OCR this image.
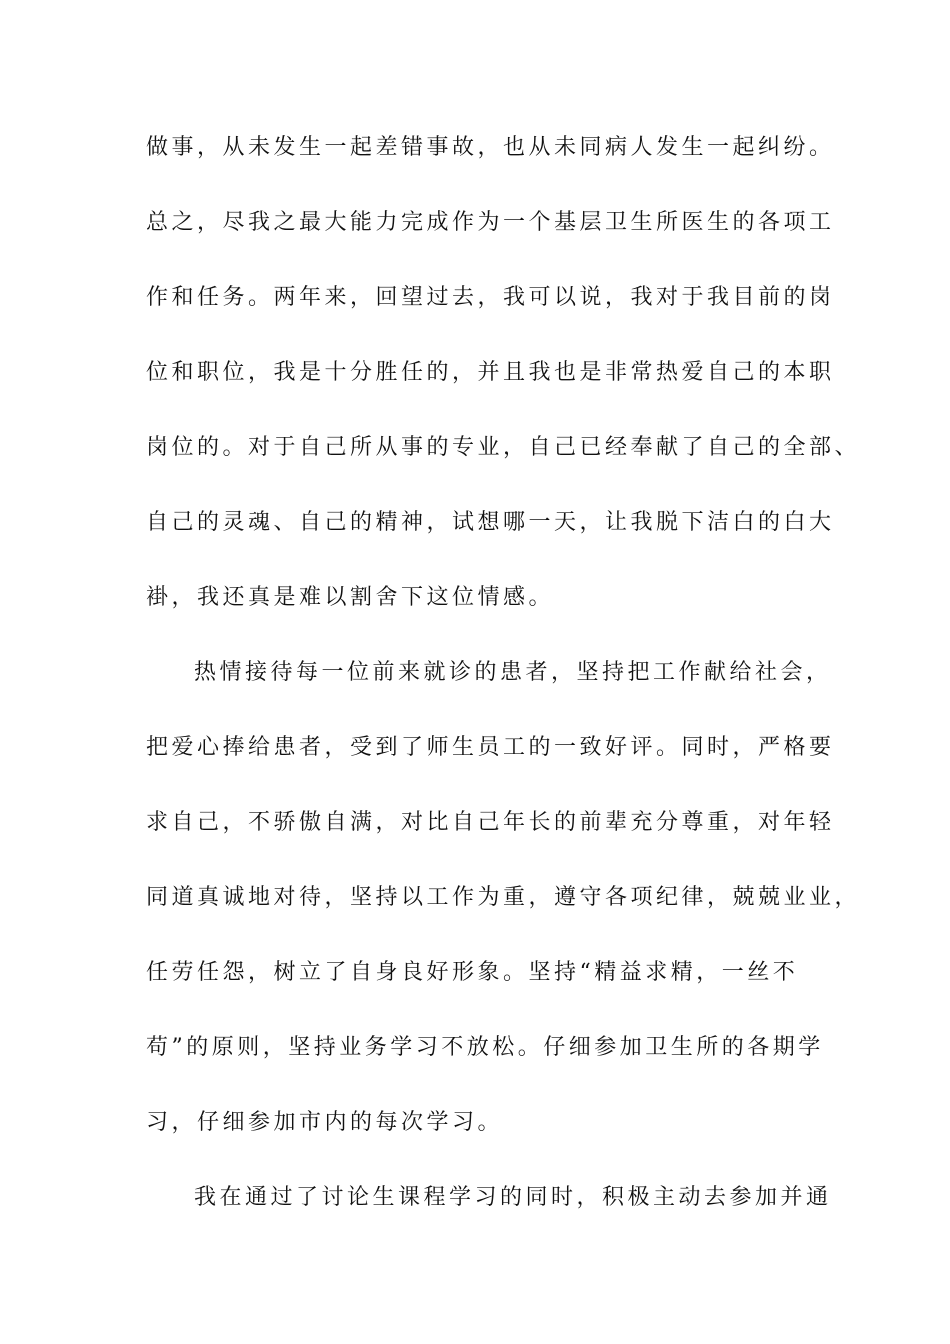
做事，从未发生一起差错事故，也从未同病人发生一起纠纷。
总之，尽我之最大能力完成作为一个基层卫生所医生的各项工
作和任务。两年来，回望过去，我可以说，我对于我目前的岗
位和职位，我是十分胜任的，并且我也是非常热爱自己的本职
岗位的。对于自己所从事的专业，自己已经奉献了自己的全部、
自己的灵魂、自己的精神，试想哪一天，让我脱下洁白的白大
褂，我还真是难以割舍下这位情感。
热情接待每一位前来就诊的患者，坚持把工作献给社会，
把爱心捧给患者，受到了师生员工的一致好评。同时，严格要
求自己，不骄傲自满，对比自己年长的前辈充分尊重，对年轻
同道真诚地对待，坚持以工作为重，遵守各项纪律，兢兢业业，
任劳任怨，树立了自身良好形象。坚持“精益求精，一丝不
苟”的原则，坚持业务学习不放松。仔细参加卫生所的各期学
习，仔细参加市内的每次学习。
我在通过了讨论生课程学习的同时，积极主动去参加并通
